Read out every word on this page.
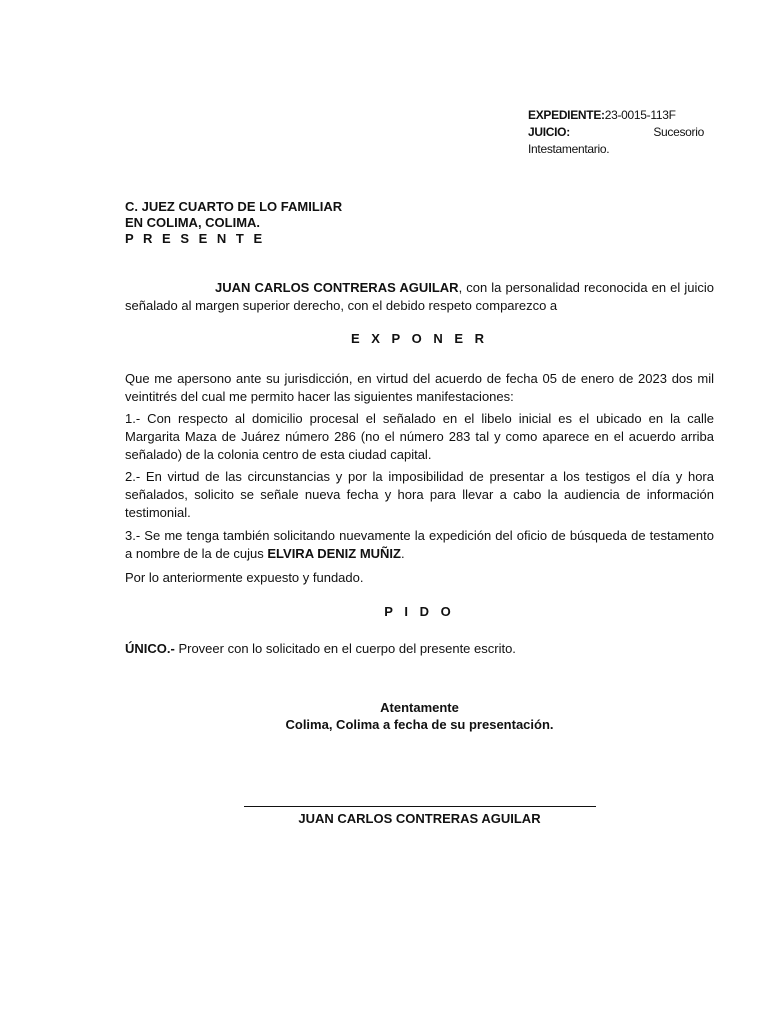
EXPEDIENTE:23-0015-113F
JUICIO:	Sucesorio
Intestamentario.
C. JUEZ CUARTO DE LO FAMILIAR
EN COLIMA, COLIMA.
P R E S E N T E

JUAN CARLOS CONTRERAS AGUILAR, con la personalidad reconocida en el juicio señalado al margen superior derecho, con el debido respeto comparezco a

E X P O N E R

Que me apersono ante su jurisdicción, en virtud del acuerdo de fecha 05 de enero de 2023 dos mil veintitrés del cual me permito hacer las siguientes manifestaciones:

1.- Con respecto al domicilio procesal el señalado en el libelo inicial es el ubicado en la calle Margarita Maza de Juárez número 286 (no el número 283 tal y como aparece en el acuerdo arriba señalado) de la colonia centro de esta ciudad capital.

2.- En virtud de las circunstancias y por la imposibilidad de presentar a los testigos el día y hora señalados, solicito se señale nueva fecha y hora para llevar a cabo la audiencia de información testimonial.

3.- Se me tenga también solicitando nuevamente la expedición del oficio de búsqueda de testamento a nombre de la de cujus ELVIRA DENIZ MUÑIZ.

Por lo anteriormente expuesto y fundado.

P I D O

ÚNICO.- Proveer con lo solicitado en el cuerpo del presente escrito.

Atentamente
Colima, Colima a fecha de su presentación.
JUAN CARLOS CONTRERAS AGUILAR
